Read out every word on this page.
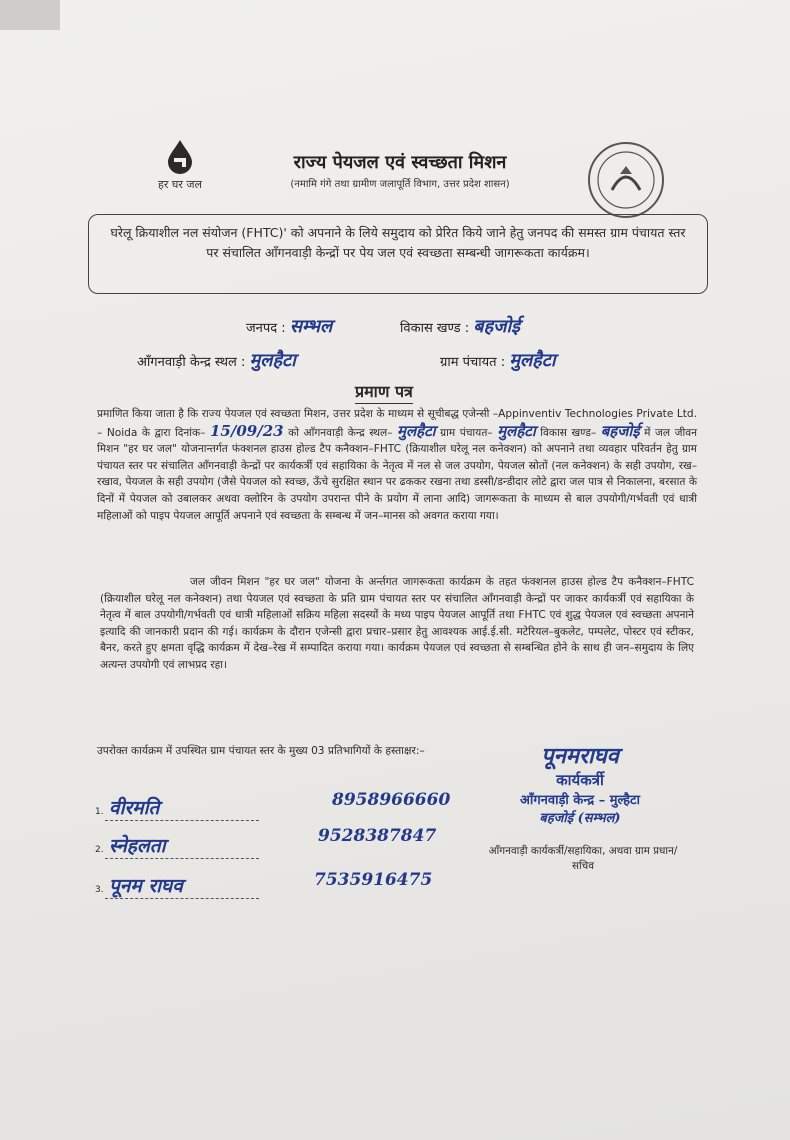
हर घर जल
राज्य पेयजल एवं स्वच्छता मिशन
(नमामि गंगे तथा ग्रामीण जलापूर्ति विभाग, उत्तर प्रदेश शासन)
घरेलू क्रियाशील नल संयोजन (FHTC)' को अपनाने के लिये समुदाय को प्रेरित किये जाने हेतु जनपद की समस्त ग्राम पंचायत स्तर पर संचालित आँगनवाड़ी केन्द्रों पर पेय जल एवं स्वच्छता सम्बन्धी जागरूकता कार्यक्रम।
जनपद : सम्भल	विकास खण्ड : बहजोई
आँगनवाड़ी केन्द्र स्थल : मुलहैटा	ग्राम पंचायत : मुलहैटा
प्रमाण पत्र
प्रमाणित किया जाता है कि राज्य पेयजल एवं स्वच्छता मिशन, उत्तर प्रदेश के माध्यम से सूचीबद्ध एजेन्सी –Appinventiv Technologies Private Ltd. – Noida के द्वारा दिनांक– 15/09/23 को आँगनवाड़ी केन्द्र स्थल– मुलहैटा ग्राम पंचायत– मुलहैटा विकास खण्ड– बहजोई में जल जीवन मिशन "हर घर जल" योजनान्तर्गत फंक्शनल हाउस होल्ड टैप कनैक्शन–FHTC (क्रियाशील घरेलू नल कनेक्शन) को अपनाने तथा व्यवहार परिवर्तन हेतु ग्राम पंचायत स्तर पर संचालित आँगनवाड़ी केन्द्रों पर कार्यकर्त्री एवं सहायिका के नेतृत्व में नल से जल उपयोग, पेयजल स्रोतों (नल कनेक्शन) के सही उपयोग, रख–रखाव, पेयजल के सही उपयोग (जैसे पेयजल को स्वच्छ, ऊँचे सुरक्षित स्थान पर ढककर रखना तथा डस्सी/डन्डीदार लोटे द्वारा जल पात्र से निकालना, बरसात के दिनों में पेयजल को उबालकर अथवा क्लोरिन के उपयोग उपरान्त पीने के प्रयोग में लाना आदि) जागरूकता के माध्यम से बाल उपयोगी/गर्भवती एवं धात्री महिलाओं को पाइप पेयजल आपूर्ति अपनाने एवं स्वच्छता के सम्बन्ध में जन–मानस को अवगत कराया गया।
जल जीवन मिशन "हर घर जल" योजना के अर्न्तगत जागरूकता कार्यक्रम के तहत फंक्शनल हाउस होल्ड टैप कनैक्शन–FHTC (क्रियाशील घरेलू नल कनेक्शन) तथा पेयजल एवं स्वच्छता के प्रति ग्राम पंचायत स्तर पर संचालित आँगनवाड़ी केन्द्रों पर जाकर कार्यकर्त्री एवं सहायिका के नेतृत्व में बाल उपयोगी/गर्भवती एवं धात्री महिलाओं सक्रिय महिला सदस्यों के मध्य पाइप पेयजल आपूर्ति तथा FHTC एवं शुद्ध पेयजल एवं स्वच्छता अपनाने इत्यादि की जानकारी प्रदान की गई। कार्यक्रम के दौरान एजेन्सी द्वारा प्रचार–प्रसार हेतु आवश्यक आई.ई.सी. मटेरियल–बुकलेट, पम्पलेट, पोस्टर एवं स्टीकर, बैनर, करते हुए क्षमता वृद्धि कार्यक्रम में देख–रेख में सम्पादित कराया गया। कार्यक्रम पेयजल एवं स्वच्छता से सम्बन्धित होने के साथ ही जन–समुदाय के लिए अत्यन्त उपयोगी एवं लाभप्रद रहा।
उपरोक्त कार्यक्रम में उपस्थित ग्राम पंचायत स्तर के मुख्य 03 प्रतिभागियों के हस्ताक्षर:–
1. वीरमति	8958966660
2. स्नेहलता	9528387847
3. पूनम राघव	7535916475
पूनमराघव
कार्यकर्त्री
आँगनवाड़ी केन्द्र – मुल्हैटा
बहजोई (सम्भल)
आँगनवाड़ी कार्यकर्त्री/सहायिका, अथवा ग्राम प्रधान/सचिव
